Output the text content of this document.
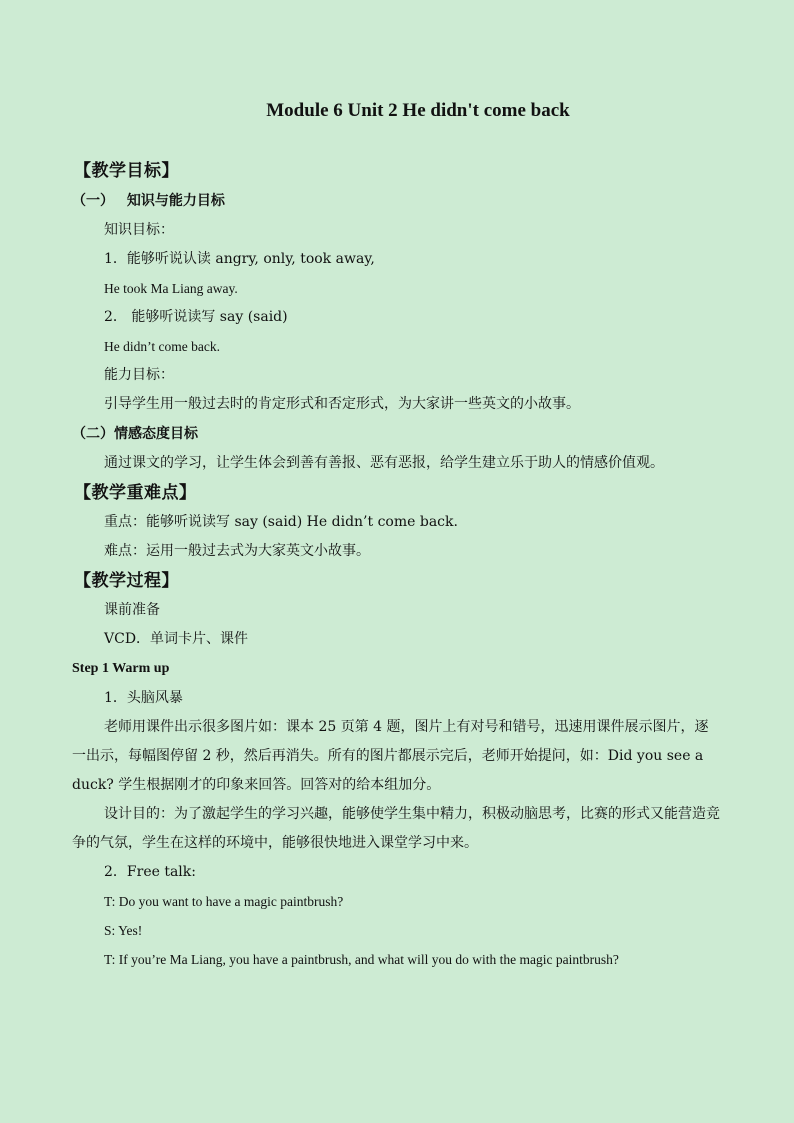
Module 6 Unit 2 He didn't come back
【教学目标】
（一） 知识与能力目标
知识目标：
1．能够听说认读 angry, only, took away,
He took Ma Liang away.
2． 能够听说读写 say (said)
He didn’t come back.
能力目标：
引导学生用一般过去时的肯定形式和否定形式，为大家讲一些英文的小故事。
（二）情感态度目标
通过课文的学习，让学生体会到善有善报、恶有恶报，给学生建立乐于助人的情感价值观。
【教学重难点】
重点：能够听说读写 say (said) He didn’t come back.
难点：运用一般过去式为大家英文小故事。
【教学过程】
课前准备
VCD．单词卡片、课件
Step 1 Warm up
1．头脑风暴
老师用课件出示很多图片如：课本 25 页第 4 题，图片上有对号和错号，迅速用课件展示图片，逐一出示，每幅图停留 2 秒，然后再消失。所有的图片都展示完后，老师开始提问，如：Did you see a duck? 学生根据刚才的印象来回答。回答对的给本组加分。
设计目的：为了激起学生的学习兴趣，能够使学生集中精力，积极动脑思考，比赛的形式又能营造竞争的气氛，学生在这样的环境中，能够很快地进入课堂学习中来。
2．Free talk:
T: Do you want to have a magic paintbrush?
S: Yes!
T: If you’re Ma Liang, you have a paintbrush, and what will you do with the magic paintbrush?
